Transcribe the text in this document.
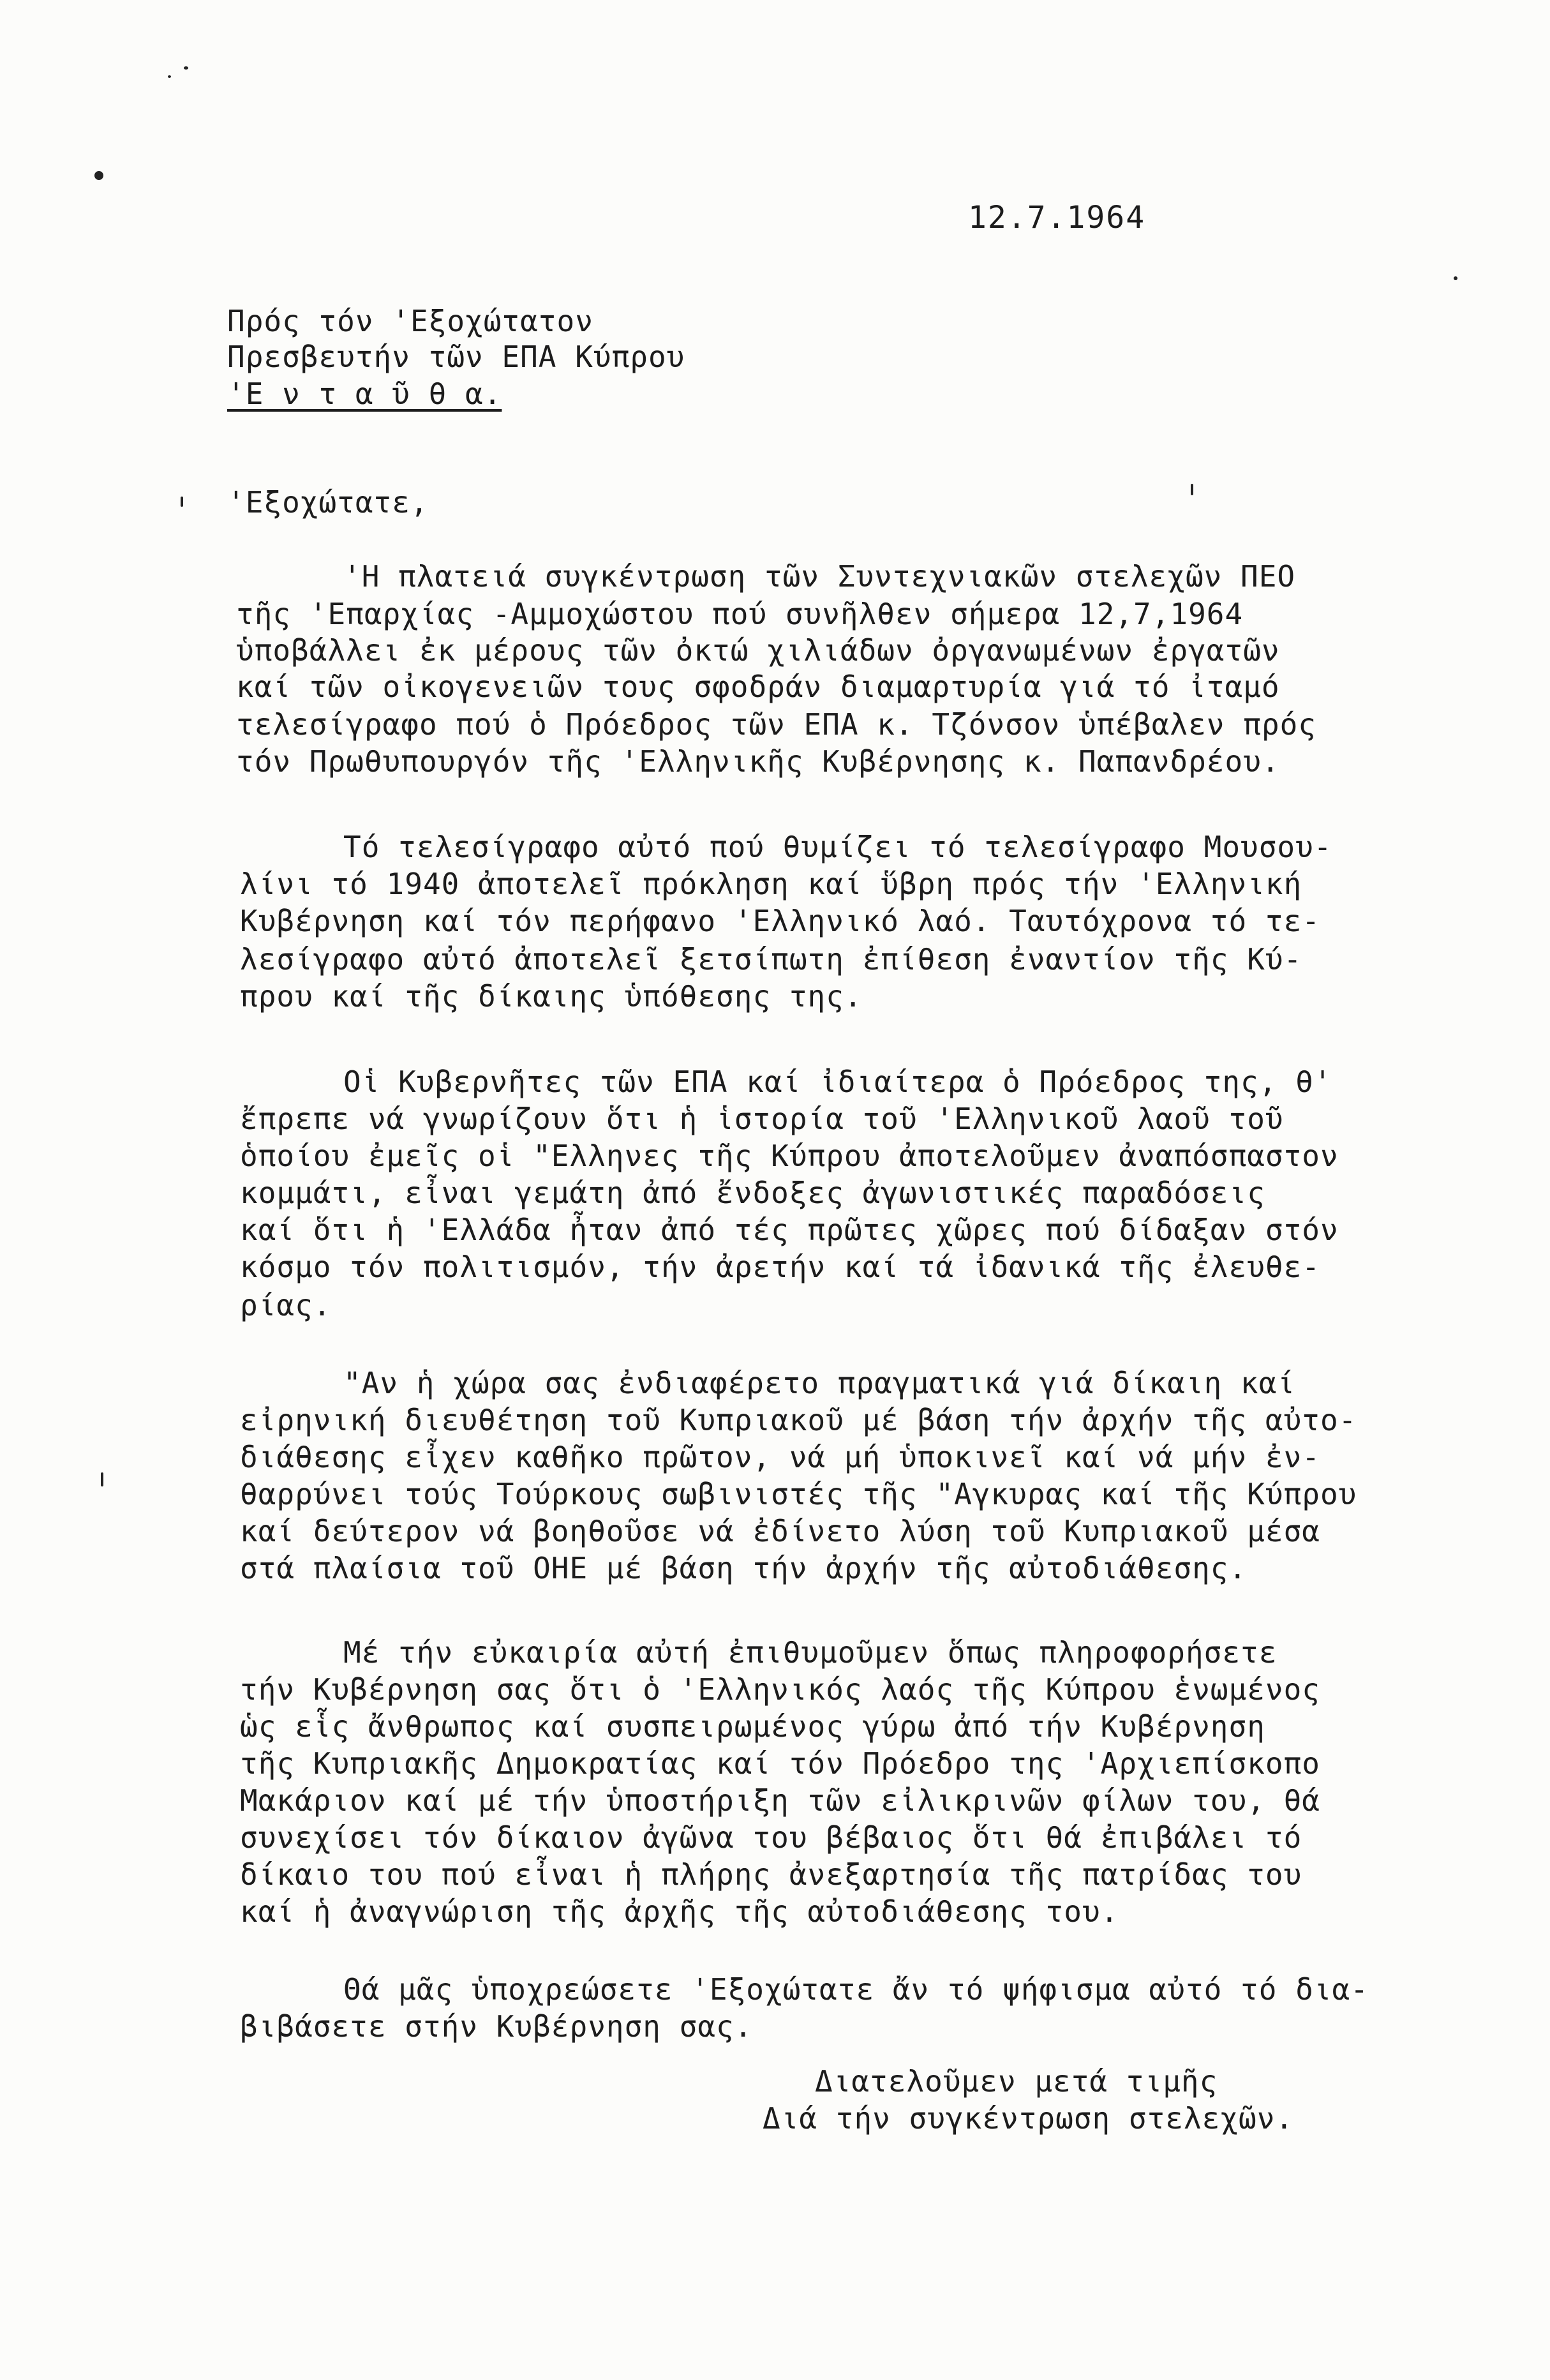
12.7.1964
Πρός τόν 'Εξοχώτατον
Πρεσβευτήν τῶν ΕΠΑ Κύπρου
'Ε ν τ α ῦ θ α.
'Εξοχώτατε,
'Η πλατειά συγκέντρωση τῶν Συντεχνιακῶν στελεχῶν ΠΕΟ
τῆς 'Επαρχίας -Αμμοχώστου πού συνῆλθεν σήμερα 12,7,1964
ὑποβάλλει ἐκ μέρους τῶν ὀκτώ χιλιάδων ὀργανωμένων ἐργατῶν
καί τῶν οἰκογενειῶν τους σφοδράν διαμαρτυρία γιά τό ἰταμό
τελεσίγραφο πού ὁ Πρόεδρος τῶν ΕΠΑ κ. Τζόνσον ὑπέβαλεν πρός
τόν Πρωθυπουργόν τῆς 'Ελληνικῆς Κυβέρνησης κ. Παπανδρέου.
Τό τελεσίγραφο αὐτό πού θυμίζει τό τελεσίγραφο Μουσου-
λίνι τό 1940 ἀποτελεῖ πρόκληση καί ὕβρη πρός τήν 'Ελληνική
Κυβέρνηση καί τόν περήφανο 'Ελληνικό λαό. Ταυτόχρονα τό τε-
λεσίγραφο αὐτό ἀποτελεῖ ξετσίπωτη ἐπίθεση ἐναντίον τῆς Κύ-
πρου καί τῆς δίκαιης ὑπόθεσης της.
Οἱ Κυβερνῆτες τῶν ΕΠΑ καί ἰδιαίτερα ὁ Πρόεδρος της, θ'
ἔπρεπε νά γνωρίζουν ὅτι ἡ ἱστορία τοῦ 'Ελληνικοῦ λαοῦ τοῦ
ὁποίου ἐμεῖς οἱ "Ελληνες τῆς Κύπρου ἀποτελοῦμεν ἀναπόσπαστον
κομμάτι, εἶναι γεμάτη ἀπό ἔνδοξες ἀγωνιστικές παραδόσεις
καί ὅτι ἡ 'Ελλάδα ἦταν ἀπό τές πρῶτες χῶρες πού δίδαξαν στόν
κόσμο τόν πολιτισμόν, τήν ἀρετήν καί τά ἰδανικά τῆς ἐλευθε-
ρίας.
"Αν ἡ χώρα σας ἐνδιαφέρετο πραγματικά γιά δίκαιη καί
εἰρηνική διευθέτηση τοῦ Κυπριακοῦ μέ βάση τήν ἀρχήν τῆς αὐτο-
διάθεσης εἶχεν καθῆκο πρῶτον, νά μή ὑποκινεῖ καί νά μήν ἐν-
θαρρύνει τούς Τούρκους σωβινιστές τῆς "Αγκυρας καί τῆς Κύπρου
καί δεύτερον νά βοηθοῦσε νά ἐδίνετο λύση τοῦ Κυπριακοῦ μέσα
στά πλαίσια τοῦ ΟΗΕ μέ βάση τήν ἀρχήν τῆς αὐτοδιάθεσης.
Μέ τήν εὐκαιρία αὐτή ἐπιθυμοῦμεν ὅπως πληροφορήσετε
τήν Κυβέρνηση σας ὅτι ὁ 'Ελληνικός λαός τῆς Κύπρου ἑνωμένος
ὡς εἷς ἄνθρωπος καί συσπειρωμένος γύρω ἀπό τήν Κυβέρνηση
τῆς Κυπριακῆς Δημοκρατίας καί τόν Πρόεδρο της 'Αρχιεπίσκοπο
Μακάριον καί μέ τήν ὑποστήριξη τῶν εἰλικρινῶν φίλων του, θά
συνεχίσει τόν δίκαιον ἀγῶνα του βέβαιος ὅτι θά ἐπιβάλει τό
δίκαιο του πού εἶναι ἡ πλήρης ἀνεξαρτησία τῆς πατρίδας του
καί ἡ ἀναγνώριση τῆς ἀρχῆς τῆς αὐτοδιάθεσης του.
Θά μᾶς ὑποχρεώσετε 'Εξοχώτατε ἄν τό ψήφισμα αὐτό τό δια-
βιβάσετε στήν Κυβέρνηση σας.
Διατελοῦμεν μετά τιμῆς
Διά τήν συγκέντρωση στελεχῶν.
